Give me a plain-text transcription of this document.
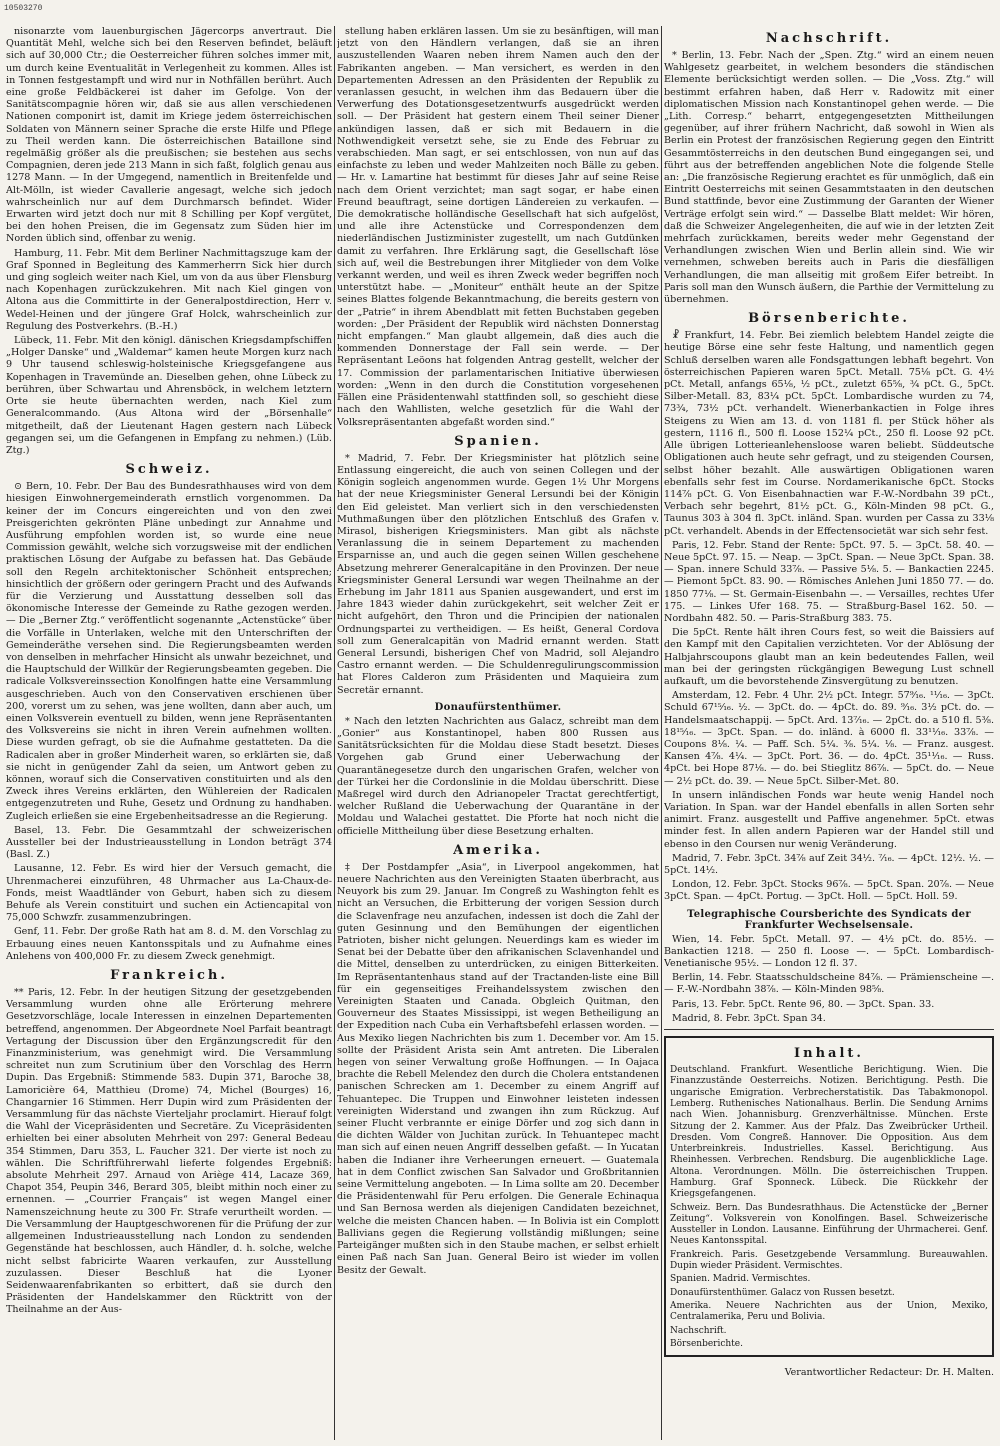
10503270
nisonarzte vom lauenburgischen Jägercorps anvertraut. Die Quantität Mehl, welche sich bei den Reserven befindet, beläuft sich auf 30,000 Ctr.; die Oesterreicher führen solches immer mit, um durch keine Eventualität in Verlegenheit zu kommen. Alles ist in Tonnen festgestampft und wird nur in Nothfällen berührt. Auch eine große Feldbäckerei ist daher im Gefolge. Von der Sanitätscompagnie hören wir, daß sie aus allen verschiedenen Nationen componirt ist, damit im Kriege jedem österreichischen Soldaten von Männern seiner Sprache die erste Hilfe und Pflege zu Theil werden kann. Die österreichischen Bataillone sind regelmäßig größer als die preußischen; sie bestehen aus sechs Compagnien, deren jede 213 Mann in sich faßt, folglich genau aus 1278 Mann. — In der Umgegend, namentlich in Breitenfelde und Alt-Mölln, ist wieder Cavallerie angesagt, welche sich jedoch wahrscheinlich nur auf dem Durchmarsch befindet. Wider Erwarten wird jetzt doch nur mit 8 Schilling per Kopf vergütet, bei den hohen Preisen, die im Gegensatz zum Süden hier im Norden üblich sind, offenbar zu wenig.
Hamburg, 11. Febr. Mit dem Berliner Nachmittagszuge kam der Graf Sponned in Begleitung des Kammerherrn Sick hier durch und ging sogleich weiter nach Kiel, um von da aus über Flensburg nach Kopenhagen zurückzukehren. Mit nach Kiel gingen von Altona aus die Committirte in der Generalpostdirection, Herr v. Wedel-Heinen und der jüngere Graf Holck, wahrscheinlich zur Regulung des Postverkehrs. (B.-H.)
Lübeck, 11. Febr. Mit den königl. dänischen Kriegsdampfschiffen „Holger Danske“ und „Waldemar“ kamen heute Morgen kurz nach 9 Uhr tausend schleswig-holsteinische Kriegsgefangene aus Kopenhagen in Travemünde an. Dieselben gehen, ohne Lübeck zu berühren, über Schwartau und Ahrensböck, in welchem letztern Orte sie heute übernachten werden, nach Kiel zum Generalcommando. (Aus Altona wird der „Börsenhalle“ mitgetheilt, daß der Lieutenant Hagen gestern nach Lübeck gegangen sei, um die Gefangenen in Empfang zu nehmen.) (Lüb. Ztg.)
Schweiz.
⊙ Bern, 10. Febr. Der Bau des Bundesrathhauses wird von dem hiesigen Einwohnergemeinderath ernstlich vorgenommen. Da keiner der im Concurs eingereichten und von den zwei Preisgerichten gekrönten Pläne unbedingt zur Annahme und Ausführung empfohlen worden ist, so wurde eine neue Commission gewählt, welche sich vorzugsweise mit der endlichen praktischen Lösung der Aufgabe zu befassen hat. Das Gebäude soll den Regeln architektonischer Schönheit entsprechen; hinsichtlich der größern oder geringern Pracht und des Aufwands für die Verzierung und Ausstattung desselben soll das ökonomische Interesse der Gemeinde zu Rathe gezogen werden. — Die „Berner Ztg.“ veröffentlicht sogenannte „Actenstücke“ über die Vorfälle in Unterlaken, welche mit den Unterschriften der Gemeinderäthe versehen sind. Die Regierungsbeamten werden von denselben in mehrfacher Hinsicht als unwahr bezeichnet, und die Hauptschuld der Willkür der Regierungsbeamten gegeben. Die radicale Volksvereinssection Konolfingen hatte eine Versammlung ausgeschrieben. Auch von den Conservativen erschienen über 200, vorerst um zu sehen, was jene wollten, dann aber auch, um einen Volksverein eventuell zu bilden, wenn jene Repräsentanten des Volksvereins sie nicht in ihren Verein aufnehmen wollten. Diese wurden gefragt, ob sie die Aufnahme gestatteten. Da die Radicalen aber in großer Minderheit waren, so erklärten sie, daß sie nicht in genügender Zahl da seien, um Antwort geben zu können, worauf sich die Conservativen constituirten und als den Zweck ihres Vereins erklärten, den Wühlereien der Radicalen entgegenzutreten und Ruhe, Gesetz und Ordnung zu handhaben. Zugleich erließen sie eine Ergebenheitsadresse an die Regierung.
Basel, 13. Febr. Die Gesammtzahl der schweizerischen Aussteller bei der Industrieausstellung in London beträgt 374 (Basl. Z.)
Lausanne, 12. Febr. Es wird hier der Versuch gemacht, die Uhrenmacherei einzuführen, 48 Uhrmacher aus La-Chaux-de-Fonds, meist Waadtländer von Geburt, haben sich zu diesem Behufe als Verein constituirt und suchen ein Actiencapital von 75,000 Schwzfr. zusammenzubringen.
Genf, 11. Febr. Der große Rath hat am 8. d. M. den Vorschlag zu Erbauung eines neuen Kantonsspitals und zu Aufnahme eines Anlehens von 400,000 Fr. zu diesem Zweck genehmigt.
Frankreich.
** Paris, 12. Febr. In der heutigen Sitzung der gesetzgebenden Versammlung wurden ohne alle Erörterung mehrere Gesetzvorschläge, locale Interessen in einzelnen Departementen betreffend, angenommen. Der Abgeordnete Noel Parfait beantragt Vertagung der Discussion über den Ergänzungscredit für den Finanzministerium, was genehmigt wird. Die Versammlung schreitet nun zum Scrutinium über den Vorschlag des Herrn Dupin. Das Ergebniß: Stimmende 583. Dupin 371, Baroche 38, Lamoricière 64, Matthieu (Drome) 74, Michel (Bourges) 16, Changarnier 16 Stimmen. Herr Dupin wird zum Präsidenten der Versammlung für das nächste Vierteljahr proclamirt. Hierauf folgt die Wahl der Vicepräsidenten und Secretäre. Zu Vicepräsidenten erhielten bei einer absoluten Mehrheit von 297: General Bedeau 354 Stimmen, Daru 353, L. Faucher 321. Der vierte ist noch zu wählen. Die Schriftführerwahl lieferte folgendes Ergebniß: absolute Mehrheit 297. Arnaud von Ariège 414, Lacaze 369, Chapot 354, Peupin 346, Berard 305, bleibt mithin noch einer zu ernennen. — „Courrier Français“ ist wegen Mangel einer Namenszeichnung heute zu 300 Fr. Strafe verurtheilt worden. — Die Versammlung der Hauptgeschworenen für die Prüfung der zur allgemeinen Industrieausstellung nach London zu sendenden Gegenstände hat beschlossen, auch Händler, d. h. solche, welche nicht selbst fabricirte Waaren verkaufen, zur Ausstellung zuzulassen. Dieser Beschluß hat die Lyoner Seidenwaarenfabrikanten so erbittert, daß sie durch den Präsidenten der Handelskammer den Rücktritt von der Theilnahme an der Aus-
stellung haben erklären lassen. Um sie zu besänftigen, will man jetzt von den Händlern verlangen, daß sie an ihren auszustellenden Waaren neben ihrem Namen auch den der Fabrikanten angeben. — Man versichert, es werden in den Departementen Adressen an den Präsidenten der Republik zu veranlassen gesucht, in welchen ihm das Bedauern über die Verwerfung des Dotationsgesetzentwurfs ausgedrückt werden soll. — Der Präsident hat gestern einem Theil seiner Diener ankündigen lassen, daß er sich mit Bedauern in die Nothwendigkeit versetzt sehe, sie zu Ende des Februar zu verabschieden. Man sagt, er sei entschlossen, von nun auf das einfachste zu leben und weder Mahlzeiten noch Bälle zu geben. — Hr. v. Lamartine hat bestimmt für dieses Jahr auf seine Reise nach dem Orient verzichtet; man sagt sogar, er habe einen Freund beauftragt, seine dortigen Ländereien zu verkaufen. — Die demokratische holländische Gesellschaft hat sich aufgelöst, und alle ihre Actenstücke und Correspondenzen dem niederländischen Justizminister zugestellt, um nach Gutdünken damit zu verfahren. Ihre Erklärung sagt, die Gesellschaft löse sich auf, weil die Bestrebungen ihrer Mitglieder von dem Volke verkannt werden, und weil es ihren Zweck weder begriffen noch unterstützt habe. — „Moniteur“ enthält heute an der Spitze seines Blattes folgende Bekanntmachung, die bereits gestern von der „Patrie“ in ihrem Abendblatt mit fetten Buchstaben gegeben worden: „Der Präsident der Republik wird nächsten Donnerstag nicht empfangen.“ Man glaubt allgemein, daß dies auch die kommenden Donnerstage der Fall sein werde. — Der Repräsentant Leöons hat folgenden Antrag gestellt, welcher der 17. Commission der parlamentarischen Initiative überwiesen worden: „Wenn in den durch die Constitution vorgesehenen Fällen eine Präsidentenwahl stattfinden soll, so geschieht diese nach den Wahllisten, welche gesetzlich für die Wahl der Volksrepräsentanten abgefaßt worden sind.“
Spanien.
* Madrid, 7. Febr. Der Kriegsminister hat plötzlich seine Entlassung eingereicht, die auch von seinen Collegen und der Königin sogleich angenommen wurde. Gegen 1½ Uhr Morgens hat der neue Kriegsminister General Lersundi bei der Königin den Eid geleistet. Man verliert sich in den verschiedensten Muthmaßungen über den plötzlichen Entschluß des Grafen v. Mirasol, bisherigen Kriegsministers. Man gibt als nächste Veranlassung die in seinem Departement zu machenden Ersparnisse an, und auch die gegen seinen Willen geschehene Absetzung mehrerer Generalcapitäne in den Provinzen. Der neue Kriegsminister General Lersundi war wegen Theilnahme an der Erhebung im Jahr 1811 aus Spanien ausgewandert, und erst im Jahre 1843 wieder dahin zurückgekehrt, seit welcher Zeit er nicht aufgehört, den Thron und die Principien der nationalen Ordnungspartei zu vertheidigen. — Es heißt, General Cordova soll zum Generalcapitän von Madrid ernannt werden. Statt General Lersundi, bisherigen Chef von Madrid, soll Alejandro Castro ernannt werden. — Die Schuldenregulirungscommission hat Flores Calderon zum Präsidenten und Maquieira zum Secretär ernannt.
Donaufürstenthümer.
* Nach den letzten Nachrichten aus Galacz, schreibt man dem „Gonier“ aus Konstantinopel, haben 800 Russen aus Sanitätsrücksichten für die Moldau diese Stadt besetzt. Dieses Vorgehen gab Grund einer Ueberwachung der Quarantänegesetze durch den ungarischen Grafen, welcher von der Türkei her die Cordonslinie in die Moldau überschritt. Diese Maßregel wird durch den Adrianopeler Tractat gerechtfertigt, welcher Rußland die Ueberwachung der Quarantäne in der Moldau und Walachei gestattet. Die Pforte hat noch nicht die officielle Mittheilung über diese Besetzung erhalten.
Amerika.
‡ Der Postdampfer „Asia“, in Liverpool angekommen, hat neuere Nachrichten aus den Vereinigten Staaten überbracht, aus Neuyork bis zum 29. Januar. Im Congreß zu Washington fehlt es nicht an Versuchen, die Erbitterung der vorigen Session durch die Sclavenfrage neu anzufachen, indessen ist doch die Zahl der guten Gesinnung und den Bemühungen der eigentlichen Patrioten, bisher nicht gelungen. Neuerdings kam es wieder im Senat bei der Debatte über den afrikanischen Sclavenhandel und die Mittel, denselben zu unterdrücken, zu einigen Bitterkeiten. Im Repräsentantenhaus stand auf der Tractanden-liste eine Bill für ein gegenseitiges Freihandelssystem zwischen den Vereinigten Staaten und Canada. Obgleich Quitman, den Gouverneur des Staates Mississippi, ist wegen Betheiligung an der Expedition nach Cuba ein Verhaftsbefehl erlassen worden. — Aus Mexiko liegen Nachrichten bis zum 1. December vor. Am 15. sollte der Präsident Arista sein Amt antreten. Die Liberalen hegen von seiner Verwaltung große Hoffnungen. — In Oajaca brachte die Rebell Melendez den durch die Cholera entstandenen panischen Schrecken am 1. December zu einem Angriff auf Tehuantepec. Die Truppen und Einwohner leisteten indessen vereinigten Widerstand und zwangen ihn zum Rückzug. Auf seiner Flucht verbrannte er einige Dörfer und zog sich dann in die dichten Wälder von Juchitan zurück. In Tehuantepec macht man sich auf einen neuen Angriff desselben gefaßt. — In Yucatan haben die Indianer ihre Verheerungen erneuert. — Guatemala hat in dem Conflict zwischen San Salvador und Großbritannien seine Vermittelung angeboten. — In Lima sollte am 20. December die Präsidentenwahl für Peru erfolgen. Die Generale Echinaqua und San Bernosa werden als diejenigen Candidaten bezeichnet, welche die meisten Chancen haben. — In Bolivia ist ein Complott Ballivians gegen die Regierung vollständig mißlungen; seine Parteigänger mußten sich in den Staube machen, er selbst erhielt einen Paß nach San Juan. General Beiro ist wieder im vollen Besitz der Gewalt.
Nachschrift.
* Berlin, 13. Febr. Nach der „Spen. Ztg.“ wird an einem neuen Wahlgesetz gearbeitet, in welchem besonders die ständischen Elemente berücksichtigt werden sollen. — Die „Voss. Ztg.“ will bestimmt erfahren haben, daß Herr v. Radowitz mit einer diplomatischen Mission nach Konstantinopel gehen werde. — Die „Lith. Corresp.“ beharrt, entgegengesetzten Mittheilungen gegenüber, auf ihrer frühern Nachricht, daß sowohl in Wien als Berlin ein Protest der französischen Regierung gegen den Eintritt Gesammtösterreichs in den deutschen Bund eingegangen sei, und führt aus der betreffenden angeblichen Note die folgende Stelle an: „Die französische Regierung erachtet es für unmöglich, daß ein Eintritt Oesterreichs mit seinen Gesammtstaaten in den deutschen Bund stattfinde, bevor eine Zustimmung der Garanten der Wiener Verträge erfolgt sein wird.“ — Dasselbe Blatt meldet: Wir hören, daß die Schweizer Angelegenheiten, die auf wie in der letzten Zeit mehrfach zurückkamen, bereits weder mehr Gegenstand der Verhandlungen zwischen Wien und Berlin allein sind. Wie wir vernehmen, schweben bereits auch in Paris die diesfälligen Verhandlungen, die man allseitig mit großem Eifer betreibt. In Paris soll man den Wunsch äußern, die Parthie der Vermittelung zu übernehmen.
Börsenberichte.
☧ Frankfurt, 14. Febr. Bei ziemlich belebtem Handel zeigte die heutige Börse eine sehr feste Haltung, und namentlich gegen Schluß derselben waren alle Fondsgattungen lebhaft begehrt. Von österreichischen Papieren waren 5pCt. Metall. 75⅛ pCt. G. 4½ pCt. Metall, anfangs 65⅛, ½ pCt., zuletzt 65⅝, ¾ pCt. G., 5pCt. Silber-Metall. 83, 83¼ pCt. 5pCt. Lombardische wurden zu 74, 73¾, 73½ pCt. verhandelt. Wienerbankactien in Folge ihres Steigens zu Wien am 13. d. von 1181 fl. per Stück höher als gestern, 1116 fl., 500 fl. Loose 152¼ pCt., 250 fl. Loose 92 pCt. Alle übrigen Lotterieanlehensloose waren beliebt. Süddeutsche Obligationen auch heute sehr gefragt, und zu steigenden Coursen, selbst höher bezahlt. Alle auswärtigen Obligationen waren ebenfalls sehr fest im Course. Nordamerikanische 6pCt. Stocks 114⅞ pCt. G. Von Eisenbahnactien war F.-W.-Nordbahn 39 pCt., Verbach sehr begehrt, 81½ pCt. G., Köln-Minden 98 pCt. G., Taunus 303 à 304 fl. 3pCt. inländ. Span. wurden per Cassa zu 33⅛ pCt. verhandelt. Abends in der Effectensocietät war sich sehr fest.
Paris, 12. Febr. Stand der Rente: 5pCt. 97. 5. — 3pCt. 58. 40. — Neue 5pCt. 97. 15. — Neap. — 3pCt. Span. — Neue 3pCt. Span. 38. — Span. innere Schuld 33⅞. — Passive 5⅛. 5. — Bankactien 2245. — Piemont 5pCt. 83. 90. — Römisches Anlehen Juni 1850 77. — do. 1850 77⅛. — St. Germain-Eisenbahn —. — Versailles, rechtes Ufer 175. — Linkes Ufer 168. 75. — Straßburg-Basel 162. 50. — Nordbahn 482. 50. — Paris-Straßburg 383. 75.
Die 5pCt. Rente hält ihren Cours fest, so weit die Baissiers auf den Kampf mit den Capitalien verzichteten. Vor der Ablösung der Halbjahrscoupons glaubt man an kein bedeutendes Fallen, weil man bei der geringsten rückgängigen Bewegung Lust schnell aufkauft, um die bevorstehende Zinsvergütung zu benutzen.
Amsterdam, 12. Febr. 4 Uhr. 2½ pCt. Integr. 57⁹⁄₁₆. ¹¹⁄₁₆. — 3pCt. Schuld 67¹⁵⁄₁₆. ½. — 3pCt. do. — 4pCt. do. 89. ⁹⁄₁₆. 3½ pCt. do. — Handelsmaatschappij. — 5pCt. Ard. 13⁷⁄₁₆. — 2pCt. do. a 510 fl. 5⅜. 18¹⁵⁄₁₆. — 3pCt. Span. — do. inländ. à 6000 fl. 33¹¹⁄₁₆. 33⅞. — Coupons 8⅛. ¼. — Paff. Sch. 5¼. ⅜. 5¼. ⅛. — Franz. ausgest. Kansen 4⅞. 4¼. — 3pCt. Port. 36. — do. 4pCt. 35¹¹⁄₁₆. — Russ. 4pCt. bei Hope 87⅛. — do. bei Stieglitz 86⅞. — 5pCt. do. — Neue — 2½ pCt. do. 39. — Neue 5pCt. Silber-Met. 80.
In unsern inländischen Fonds war heute wenig Handel noch Variation. In Span. war der Handel ebenfalls in allen Sorten sehr animirt. Franz. ausgestellt und Paffive angenehmer. 5pCt. etwas minder fest. In allen andern Papieren war der Handel still und ebenso in den Coursen nur wenig Veränderung.
Madrid, 7. Febr. 3pCt. 34⅞ auf Zeit 34½. ⁷⁄₁₆. — 4pCt. 12½. ½. — 5pCt. 14½.
London, 12. Febr. 3pCt. Stocks 96⅞. — 5pCt. Span. 20⅞. — Neue 3pCt. Span. — 4pCt. Portug. — 3pCt. Holl. — 5pCt. Holl. 59.
Telegraphische Coursberichte des Syndicats der Frankfurter Wechselsensale.
Wien, 14. Febr. 5pCt. Metall. 97. — 4½ pCt. do. 85½. — Bankactien 1218. — 250 fl. Loose —. — 5pCt. Lombardisch-Venetianische 95½. — London 12 fl. 37.
Berlin, 14. Febr. Staatsschuldscheine 84⅞. — Prämienscheine —. — F.-W.-Nordbahn 38⅞. — Köln-Minden 98⅝.
Paris, 13. Febr. 5pCt. Rente 96, 80. — 3pCt. Span. 33.
Madrid, 8. Febr. 3pCt. Span 34.
Inhalt.
Deutschland. Frankfurt. Wesentliche Berichtigung. Wien. Die Finanzzustände Oesterreichs. Notizen. Berichtigung. Pesth. Die ungarische Emigration. Verbrecherstatistik. Das Tabakmonopol. Lemberg. Ruthenisches Nationalhaus. Berlin. Die Sendung Arnims nach Wien. Johannisburg. Grenzverhältnisse. München. Erste Sitzung der 2. Kammer. Aus der Pfalz. Das Zweibrücker Urtheil. Dresden. Vom Congreß. Hannover. Die Opposition. Aus dem Unterbreinkreis. Industrielles. Kassel. Berichtigung. Aus Rheinhessen. Verbrechen. Rendsburg. Die augenblickliche Lage. Altona. Verordnungen. Mölln. Die österreichischen Truppen. Hamburg. Graf Sponneck. Lübeck. Die Rückkehr der Kriegsgefangenen.
Schweiz. Bern. Das Bundesrathhaus. Die Actenstücke der „Berner Zeitung“. Volksverein von Konolfingen. Basel. Schweizerische Aussteller in London. Lausanne. Einführung der Uhrmacherei. Genf. Neues Kantonsspital.
Frankreich. Paris. Gesetzgebende Versammlung. Bureauwahlen. Dupin wieder Präsident. Vermischtes.
Spanien. Madrid. Vermischtes.
Donaufürstenthümer. Galacz von Russen besetzt.
Amerika. Neuere Nachrichten aus der Union, Mexiko, Centralamerika, Peru und Bolivia.
Nachschrift.
Börsenberichte.
Verantwortlicher Redacteur: Dr. H. Malten.
